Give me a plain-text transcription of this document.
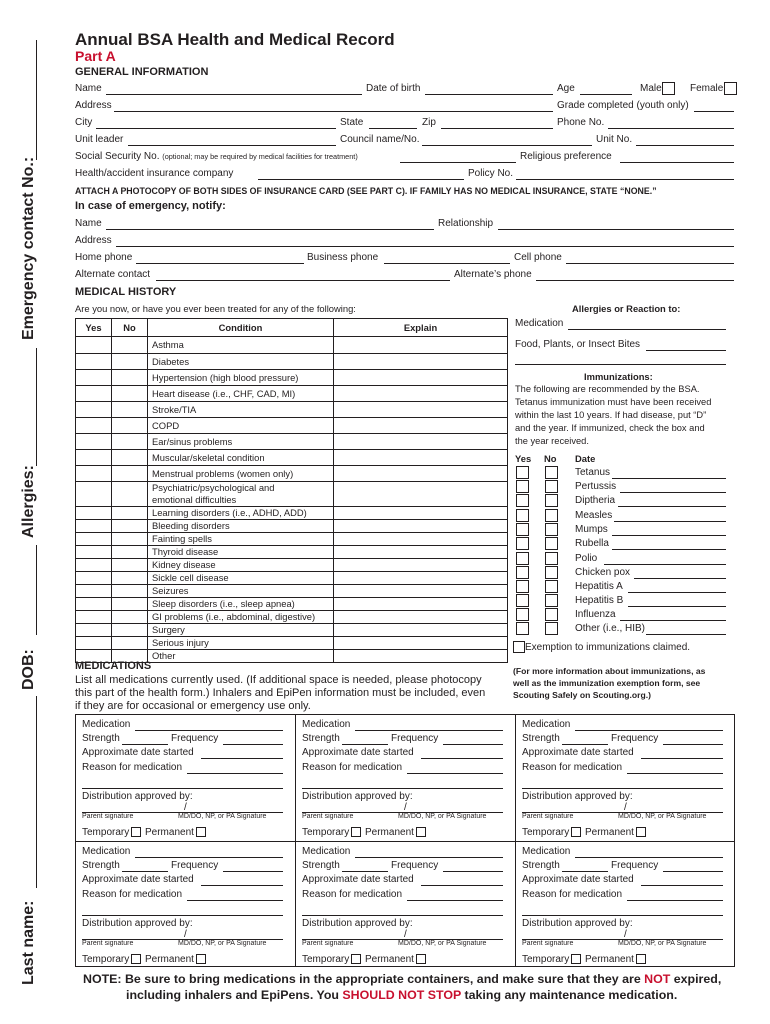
Emergency contact No.:
Allergies:
DOB:
Last name:
Annual BSA Health and Medical Record
Part A
GENERAL INFORMATION
Name	Date of birth	Age	Male	Female
Address	Grade completed (youth only)
City	State	Zip	Phone No.
Unit leader	Council name/No.	Unit No.
Social Security No. (optional; may be required by medical facilities for treatment)	Religious preference
Health/accident insurance company	Policy No.
ATTACH A PHOTOCOPY OF BOTH SIDES OF INSURANCE CARD (SEE PART C). IF FAMILY HAS NO MEDICAL INSURANCE, STATE “NONE.”
In case of emergency, notify:
Name	Relationship
Address
Home phone	Business phone	Cell phone
Alternate contact	Alternate’s phone
MEDICAL HISTORY
Are you now, or have you ever been treated for any of the following:
Yes	No	Condition	Explain
		Asthma	
		Diabetes	
		Hypertension (high blood pressure)	
		Heart disease (i.e., CHF, CAD, MI)	
		Stroke/TIA	
		COPD	
		Ear/sinus problems	
		Muscular/skeletal condition	
		Menstrual problems (women only)	
		Psychiatric/psychological and
emotional difficulties	
		Learning disorders (i.e., ADHD, ADD)	
		Bleeding disorders	
		Fainting spells	
		Thyroid disease	
		Kidney disease	
		Sickle cell disease	
		Seizures	
		Sleep disorders (i.e., sleep apnea)	
		GI problems (i.e., abdominal, digestive)	
		Surgery	
		Serious injury	
		Other	
Allergies or Reaction to:
Medication
Food, Plants, or Insect Bites
Immunizations:
The following are recommended by the BSA.
Tetanus immunization must have been received
within the last 10 years. If had disease, put “D”
and the year. If immunized, check the box and
the year received.
Yes No Date
Tetanus
Pertussis
Diptheria
Measles
Mumps
Rubella
Polio
Chicken pox
Hepatitis A
Hepatitis B
Influenza
Other (i.e., HIB)
Exemption to immunizations claimed.
(For more information about immunizations, as
well as the immunization exemption form, see
Scouting Safely on Scouting.org.)
MEDICATIONS
List all medications currently used. (If additional space is needed, please photocopy
this part of the health form.) Inhalers and EpiPen information must be included, even
if they are for occasional or emergency use only.
Medication
Strength	Frequency
Approximate date started
Reason for medication
Distribution approved by:
/
Parent signature	MD/DO, NP, or PA Signature
Temporary Permanent
Medication
Strength	Frequency
Approximate date started
Reason for medication
Distribution approved by:
/
Parent signature	MD/DO, NP, or PA Signature
Temporary Permanent
Medication
Strength	Frequency
Approximate date started
Reason for medication
Distribution approved by:
/
Parent signature	MD/DO, NP, or PA Signature
Temporary Permanent
Medication
Strength	Frequency
Approximate date started
Reason for medication
Distribution approved by:
/
Parent signature	MD/DO, NP, or PA Signature
Temporary Permanent
Medication
Strength	Frequency
Approximate date started
Reason for medication
Distribution approved by:
/
Parent signature	MD/DO, NP, or PA Signature
Temporary Permanent
Medication
Strength	Frequency
Approximate date started
Reason for medication
Distribution approved by:
/
Parent signature	MD/DO, NP, or PA Signature
Temporary Permanent
NOTE: Be sure to bring medications in the appropriate containers, and make sure that they are NOT expired,
including inhalers and EpiPens. You SHOULD NOT STOP taking any maintenance medication.
